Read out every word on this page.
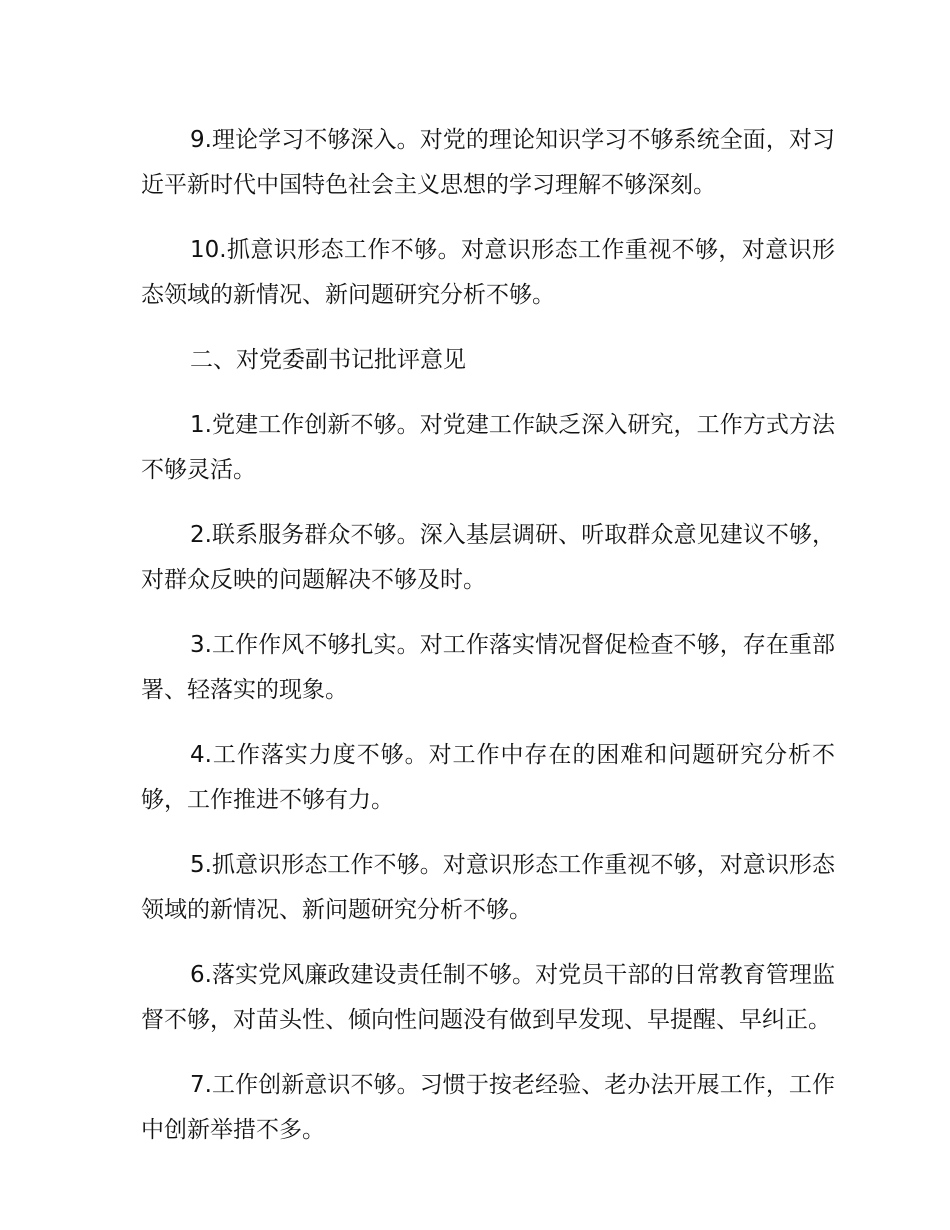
9.理论学习不够深入。对党的理论知识学习不够系统全面，对习近平新时代中国特色社会主义思想的学习理解不够深刻。

10.抓意识形态工作不够。对意识形态工作重视不够，对意识形态领域的新情况、新问题研究分析不够。

二、对党委副书记批评意见

1.党建工作创新不够。对党建工作缺乏深入研究，工作方式方法不够灵活。

2.联系服务群众不够。深入基层调研、听取群众意见建议不够，对群众反映的问题解决不够及时。

3.工作作风不够扎实。对工作落实情况督促检查不够，存在重部署、轻落实的现象。

4.工作落实力度不够。对工作中存在的困难和问题研究分析不够，工作推进不够有力。

5.抓意识形态工作不够。对意识形态工作重视不够，对意识形态领域的新情况、新问题研究分析不够。

6.落实党风廉政建设责任制不够。对党员干部的日常教育管理监督不够，对苗头性、倾向性问题没有做到早发现、早提醒、早纠正。

7.工作创新意识不够。习惯于按老经验、老办法开展工作，工作中创新举措不多。
